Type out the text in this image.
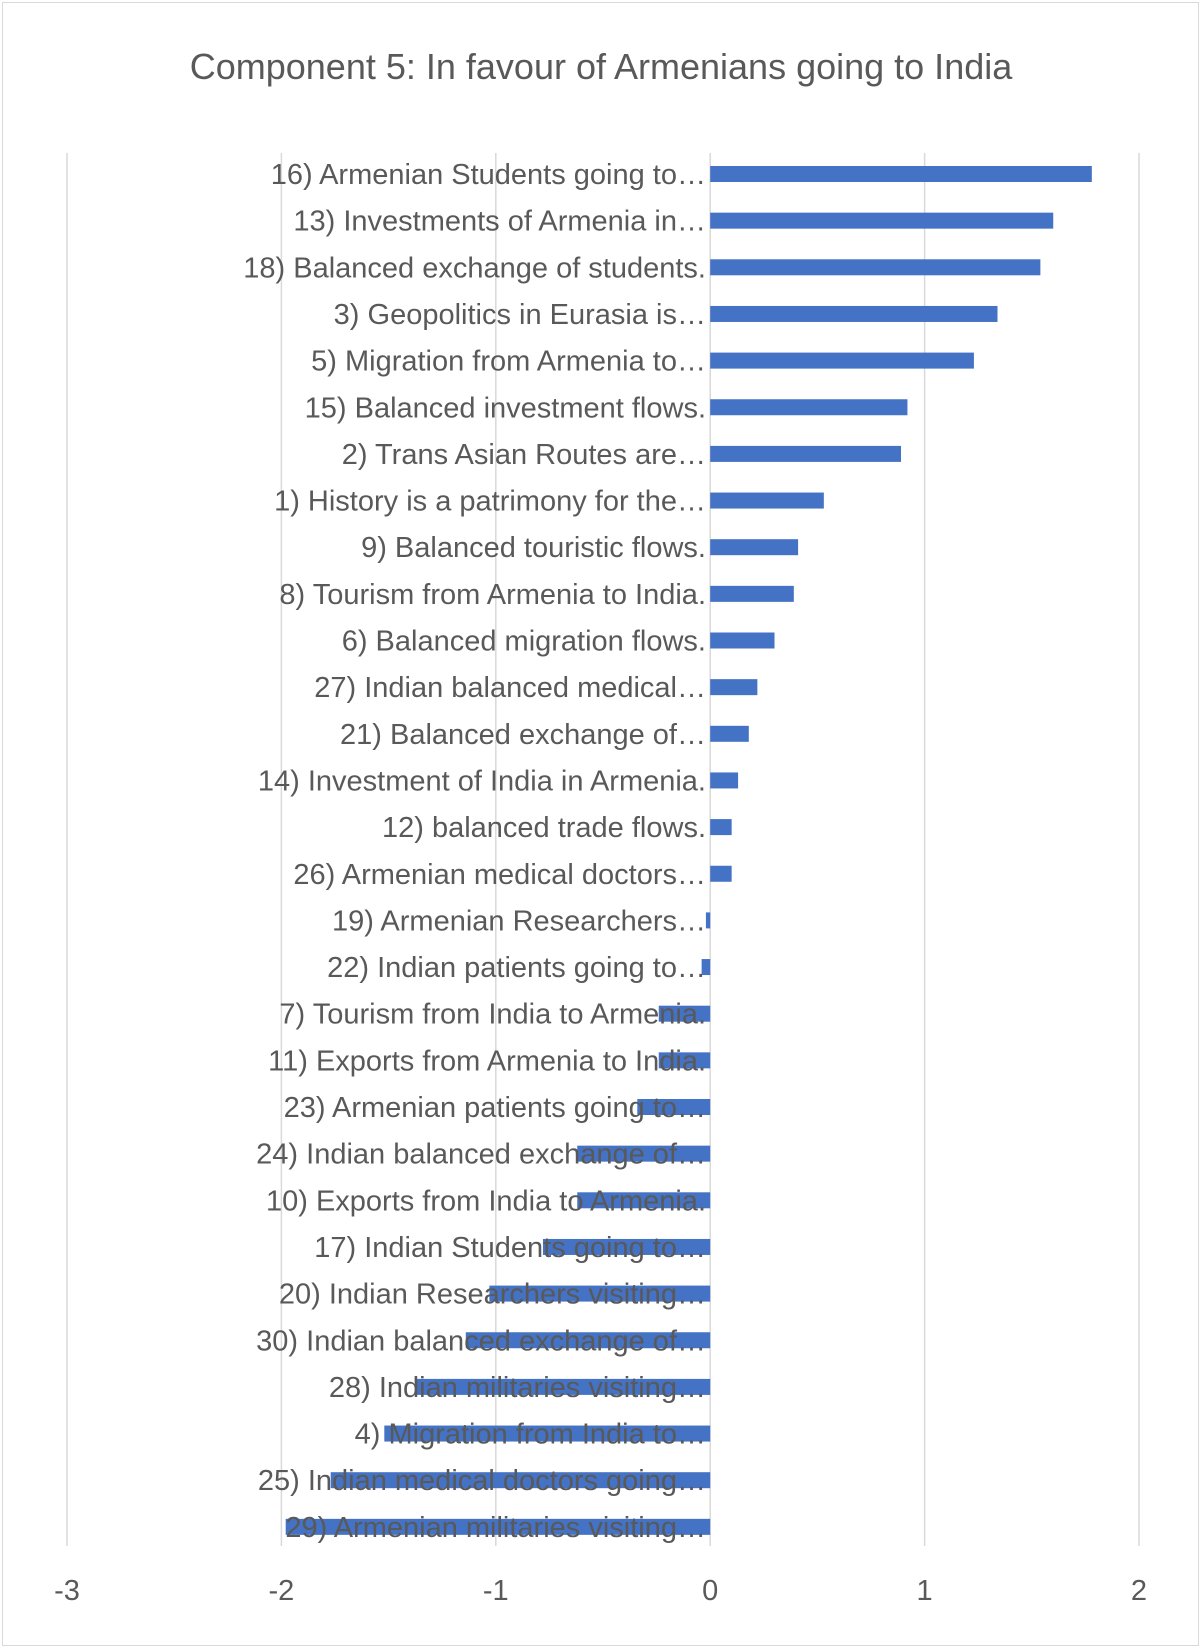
Component 5: In favour of Armenians going to India
16) Armenian Students going to…
13) Investments of Armenia in…
18) Balanced exchange of students.
3) Geopolitics in Eurasia is…
5) Migration from Armenia to…
15) Balanced investment flows.
2) Trans Asian Routes are…
1) History is a patrimony for the…
9) Balanced touristic flows.
8) Tourism from Armenia to India.
6) Balanced migration flows.
27) Indian balanced medical…
21) Balanced exchange of…
14) Investment of India in Armenia.
12) balanced trade flows.
26) Armenian medical doctors…
19) Armenian Researchers…
22) Indian patients going to…
7) Tourism from India to Armenia.
11) Exports from Armenia to India.
23) Armenian patients going to…
24) Indian balanced exchange of…
10) Exports from India to Armenia.
17) Indian Students going to…
20) Indian Researchers visiting…
30) Indian balanced exchange of…
28) Indian militaries visiting…
4) Migration from India to…
25) Indian medical doctors going…
29) Armenian militaries visiting…
-3	-2	-1	0	1	2
